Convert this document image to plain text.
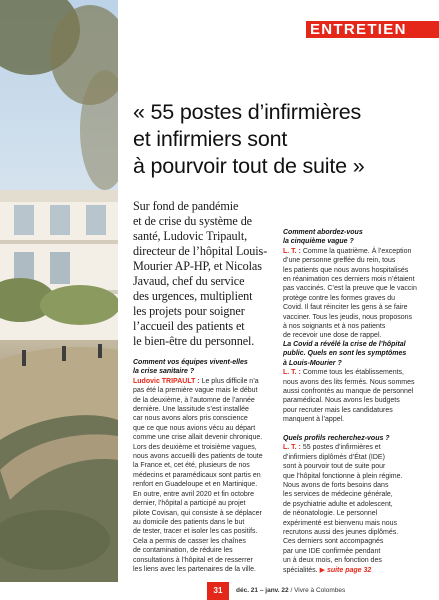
ENTRETIEN
« 55 postes d’infirmières
et infirmiers sont
à pourvoir tout de suite »
Sur fond de pandémie
et de crise du système de
santé, Ludovic Tripault,
directeur de l’hôpital Louis-
Mourier AP-HP, et Nicolas
Javaud, chef du service
des urgences, multiplient
les projets pour soigner
l’accueil des patients et
le bien-être du personnel.
Comment vos équipes vivent-elles
la crise sanitaire ?
Ludovic TRIPAULT : Le plus difficile n’a
pas été la première vague mais le début
de la deuxième, à l’automne de l’année
dernière. Une lassitude s’est installée
car nous avons alors pris conscience
que ce que nous avions vécu au départ
comme une crise allait devenir chronique.
Lors des deuxième et troisième vagues,
nous avons accueilli des patients de toute
la France et, cet été, plusieurs de nos
médecins et paramédicaux sont partis en
renfort en Guadeloupe et en Martinique.
En outre, entre avril 2020 et fin octobre
dernier, l’hôpital a participé au projet
pilote Covisan, qui consiste à se déplacer
au domicile des patients dans le but
de tester, tracer et isoler les cas positifs.
Cela a permis de casser les chaînes
de contamination, de réduire les
consultations à l’hôpital et de resserrer
les liens avec les partenaires de la ville.
Comment abordez-vous
la cinquième vague ?
L. T. : Comme la quatrième. À l’exception
d’une personne greffée du rein, tous
les patients que nous avons hospitalisés
en réanimation ces derniers mois n’étaient
pas vaccinés. C’est la preuve que le vaccin
protège contre les formes graves du
Covid. Il faut réinciter les gens à se faire
vacciner. Tous les jeudis, nous proposons
à nos soignants et à nos patients
de recevoir une dose de rappel.
La Covid a révélé la crise de l’hôpital
public. Quels en sont les symptômes
à Louis-Mourier ?
L. T. : Comme tous les établissements,
nous avons des lits fermés. Nous sommes
aussi confrontés au manque de personnel
paramédical. Nous avons les budgets
pour recruter mais les candidatures
manquent à l’appel.
Quels profils recherchez-vous ?
L. T. : 55 postes d’infirmières et
d’infirmiers diplômés d’État (IDE)
sont à pourvoir tout de suite pour
que l’hôpital fonctionne à plein régime.
Nous avons de forts besoins dans
les services de médecine générale,
de psychiatrie adulte et adolescent,
de néonatologie. Le personnel
expérimenté est bienvenu mais nous
recrutons aussi des jeunes diplômés.
Ces derniers sont accompagnés
par une IDE confirmée pendant
un à deux mois, en fonction des
spécialités. ▶ suite page 32
31	déc. 21 – janv. 22 / Vivre à Colombes
